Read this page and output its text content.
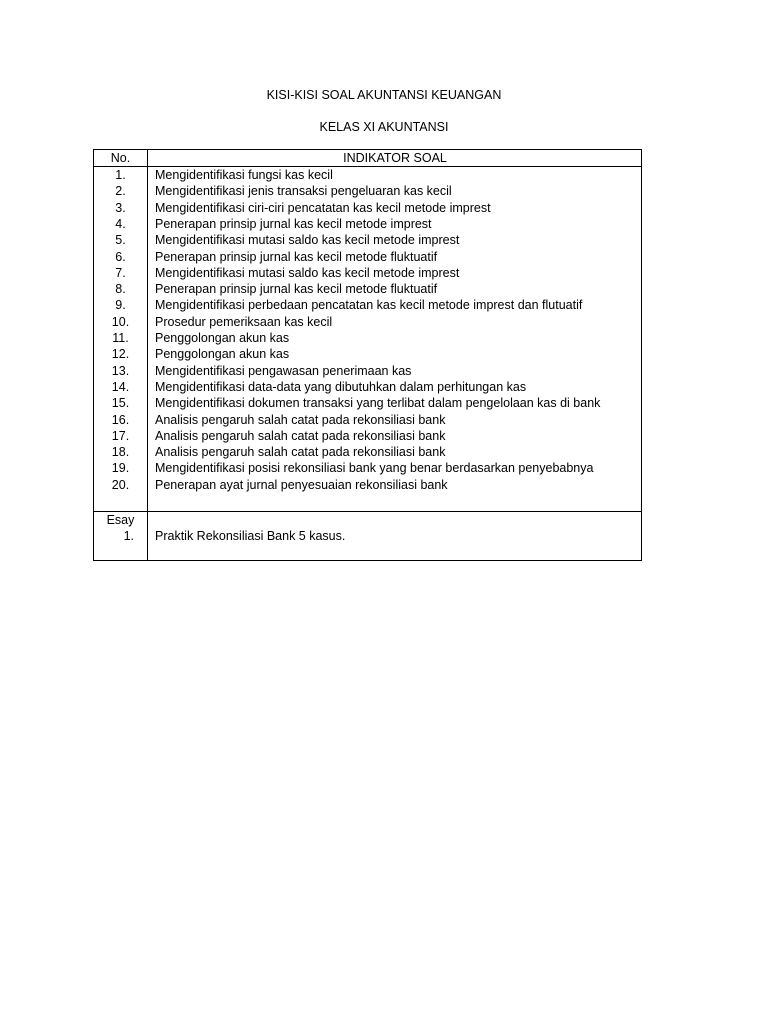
KISI-KISI SOAL AKUNTANSI KEUANGAN
KELAS XI AKUNTANSI
No.	INDIKATOR SOAL
1.	Mengidentifikasi fungsi kas kecil
2.	Mengidentifikasi jenis transaksi pengeluaran kas kecil
3.	Mengidentifikasi ciri-ciri pencatatan kas kecil metode imprest
4.	Penerapan prinsip jurnal kas kecil metode imprest
5.	Mengidentifikasi mutasi saldo kas kecil metode imprest
6.	Penerapan prinsip jurnal kas kecil metode fluktuatif
7.	Mengidentifikasi mutasi saldo kas kecil metode imprest
8.	Penerapan prinsip jurnal kas kecil metode fluktuatif
9.	Mengidentifikasi perbedaan pencatatan kas kecil metode imprest dan flutuatif
10.	Prosedur pemeriksaan kas kecil
11.	Penggolongan akun kas
12.	Penggolongan akun kas
13.	Mengidentifikasi pengawasan penerimaan kas
14.	Mengidentifikasi data-data yang dibutuhkan dalam perhitungan kas
15.	Mengidentifikasi dokumen transaksi yang terlibat dalam pengelolaan kas di bank
16.	Analisis pengaruh salah catat pada rekonsiliasi bank
17.	Analisis pengaruh salah catat pada rekonsiliasi bank
18.	Analisis pengaruh salah catat pada rekonsiliasi bank
19.	Mengidentifikasi posisi rekonsiliasi bank yang benar berdasarkan penyebabnya
20.	Penerapan ayat jurnal penyesuaian rekonsiliasi bank
Esay
1. Praktik Rekonsiliasi Bank 5 kasus.
